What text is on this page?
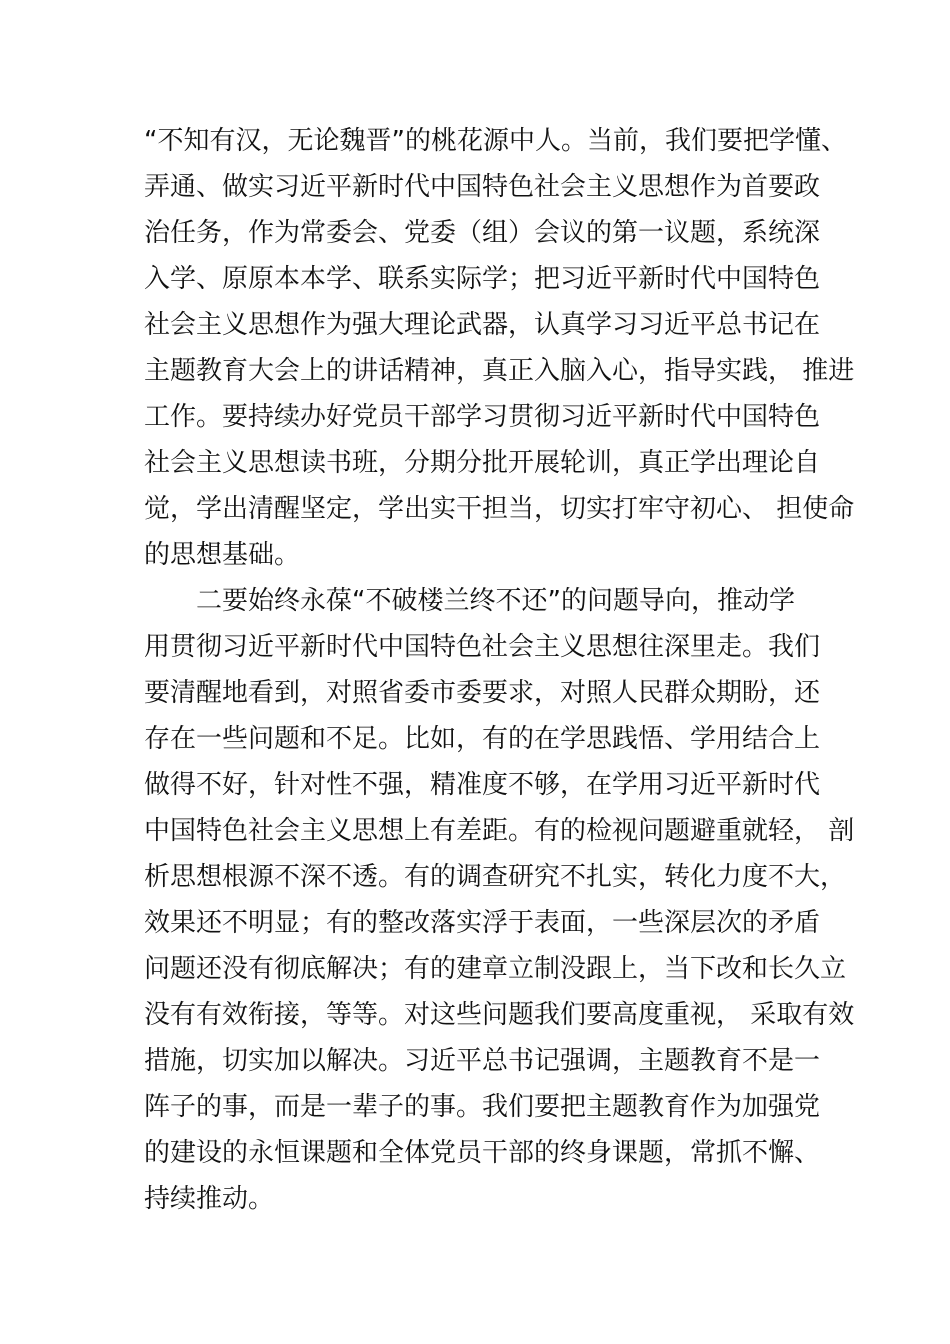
“不知有汉，无论魏晋”的桃花源中人。当前，我们要把学懂、
弄通、做实习近平新时代中国特色社会主义思想作为首要政
治任务，作为常委会、党委（组）会议的第一议题，系统深
入学、原原本本学、联系实际学；把习近平新时代中国特色
社会主义思想作为强大理论武器，认真学习习近平总书记在
主题教育大会上的讲话精神，真正入脑入心，指导实践， 推进
工作。要持续办好党员干部学习贯彻习近平新时代中国特色
社会主义思想读书班，分期分批开展轮训，真正学出理论自
觉，学出清醒坚定，学出实干担当，切实打牢守初心、 担使命
的思想基础。
二要始终永葆“不破楼兰终不还”的问题导向，推动学
用贯彻习近平新时代中国特色社会主义思想往深里走。我们
要清醒地看到，对照省委市委要求，对照人民群众期盼，还
存在一些问题和不足。比如，有的在学思践悟、学用结合上
做得不好，针对性不强，精准度不够，在学用习近平新时代
中国特色社会主义思想上有差距。有的检视问题避重就轻， 剖
析思想根源不深不透。有的调查研究不扎实，转化力度不大，
效果还不明显；有的整改落实浮于表面，一些深层次的矛盾
问题还没有彻底解决；有的建章立制没跟上，当下改和长久立
没有有效衔接，等等。对这些问题我们要高度重视， 采取有效
措施，切实加以解决。习近平总书记强调，主题教育不是一
阵子的事，而是一辈子的事。我们要把主题教育作为加强党
的建设的永恒课题和全体党员干部的终身课题，常抓不懈、
持续推动。
